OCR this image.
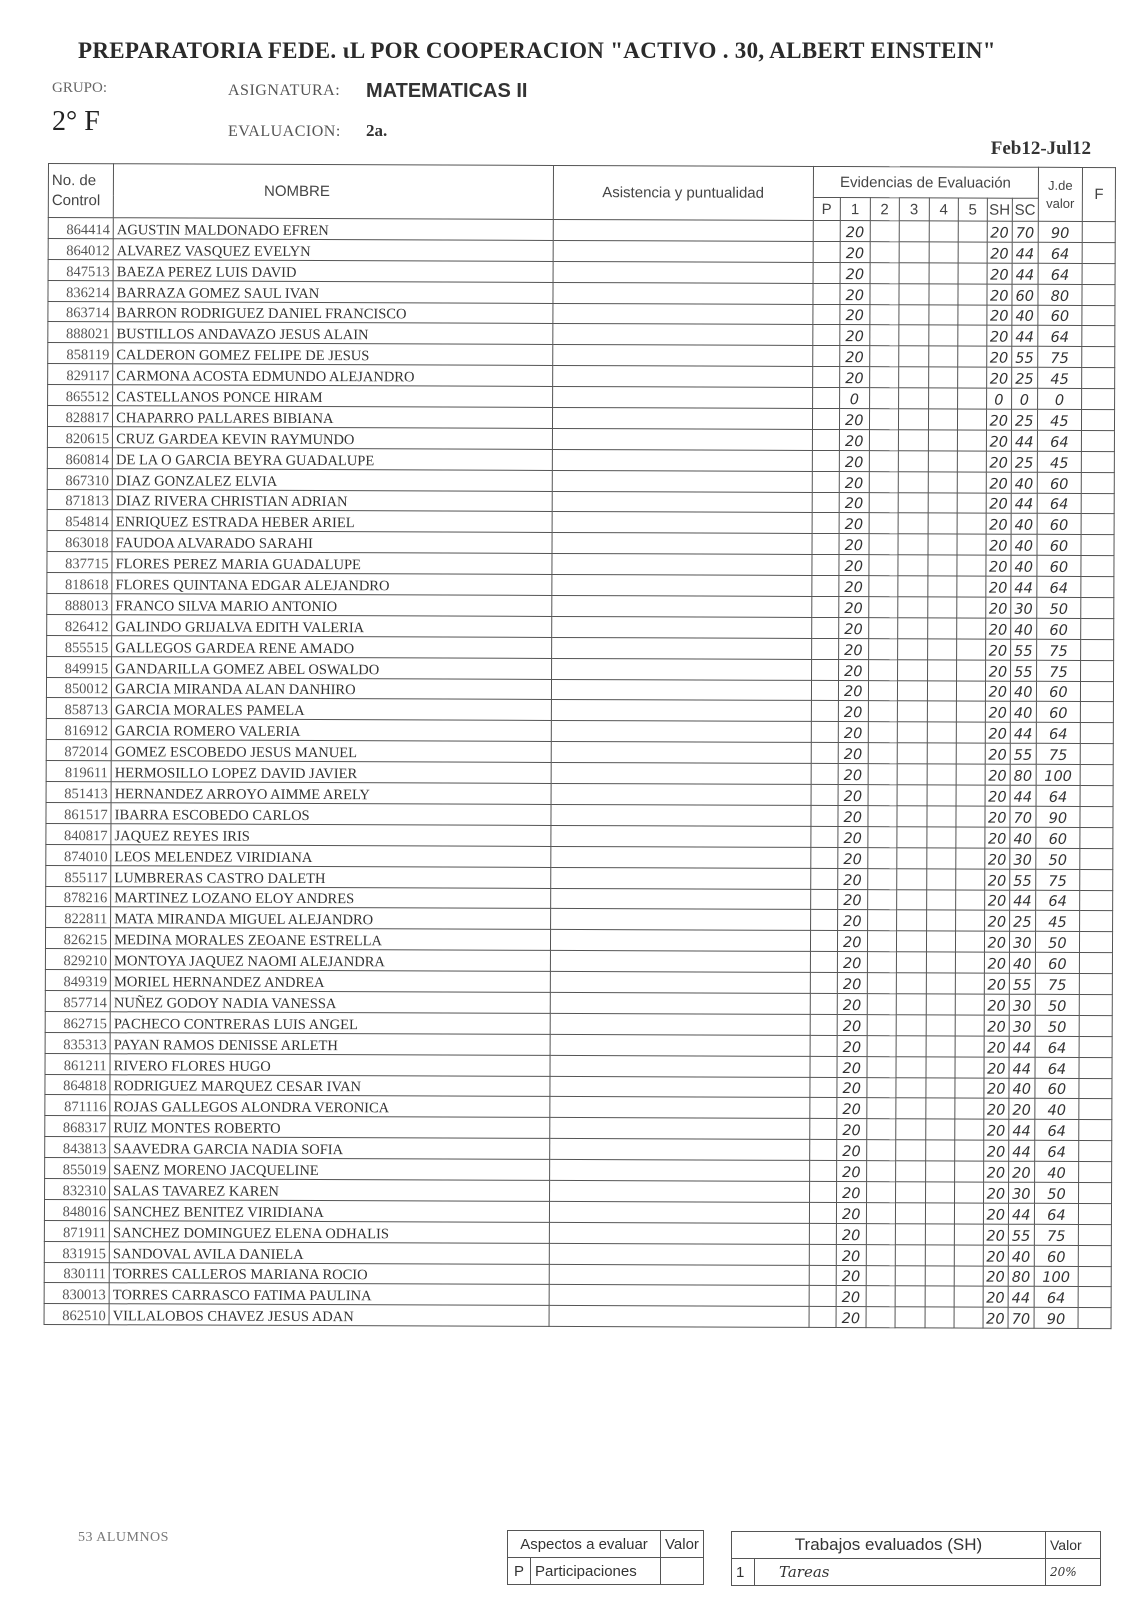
PREPARATORIA FEDE. ιL POR COOPERACION "ACTIVO . 30, ALBERT EINSTEIN"
GRUPO:
2° F
ASIGNATURA: MATEMATICAS II
EVALUACION: 2a.
Feb12-Jul12
No. de Control	NOMBRE	Asistencia y puntualidad	Evidencias de Evaluación								J.de valor	F
			P	1	2	3	4	5	SH	SC		
864414	AGUSTIN MALDONADO EFREN			20					20	70	90	
864012	ALVAREZ VASQUEZ EVELYN			20					20	44	64	
847513	BAEZA PEREZ LUIS DAVID			20					20	44	64	
836214	BARRAZA GOMEZ SAUL IVAN			20					20	60	80	
863714	BARRON RODRIGUEZ DANIEL FRANCISCO			20					20	40	60	
888021	BUSTILLOS ANDAVAZO JESUS ALAIN			20					20	44	64	
858119	CALDERON GOMEZ FELIPE DE JESUS			20					20	55	75	
829117	CARMONA ACOSTA EDMUNDO ALEJANDRO			20					20	25	45	
865512	CASTELLANOS PONCE HIRAM			0					0	0	0	
828817	CHAPARRO PALLARES BIBIANA			20					20	25	45	
820615	CRUZ GARDEA KEVIN RAYMUNDO			20					20	44	64	
860814	DE LA O GARCIA BEYRA GUADALUPE			20					20	25	45	
867310	DIAZ GONZALEZ ELVIA			20					20	40	60	
871813	DIAZ RIVERA CHRISTIAN ADRIAN			20					20	44	64	
854814	ENRIQUEZ ESTRADA HEBER ARIEL			20					20	40	60	
863018	FAUDOA ALVARADO SARAHI			20					20	40	60	
837715	FLORES PEREZ MARIA GUADALUPE			20					20	40	60	
818618	FLORES QUINTANA EDGAR ALEJANDRO			20					20	44	64	
888013	FRANCO SILVA MARIO ANTONIO			20					20	30	50	
826412	GALINDO GRIJALVA EDITH VALERIA			20					20	40	60	
855515	GALLEGOS GARDEA RENE AMADO			20					20	55	75	
849915	GANDARILLA GOMEZ ABEL OSWALDO			20					20	55	75	
850012	GARCIA MIRANDA ALAN DANHIRO			20					20	40	60	
858713	GARCIA MORALES PAMELA			20					20	40	60	
816912	GARCIA ROMERO VALERIA			20					20	44	64	
872014	GOMEZ ESCOBEDO JESUS MANUEL			20					20	55	75	
819611	HERMOSILLO LOPEZ DAVID JAVIER			20					20	80	100	
851413	HERNANDEZ ARROYO AIMME ARELY			20					20	44	64	
861517	IBARRA ESCOBEDO CARLOS			20					20	70	90	
840817	JAQUEZ REYES IRIS			20					20	40	60	
874010	LEOS MELENDEZ VIRIDIANA			20					20	30	50	
855117	LUMBRERAS CASTRO DALETH			20					20	55	75	
878216	MARTINEZ LOZANO ELOY ANDRES			20					20	44	64	
822811	MATA MIRANDA MIGUEL ALEJANDRO			20					20	25	45	
826215	MEDINA MORALES ZEOANE ESTRELLA			20					20	30	50	
829210	MONTOYA JAQUEZ NAOMI ALEJANDRA			20					20	40	60	
849319	MORIEL HERNANDEZ ANDREA			20					20	55	75	
857714	NUÑEZ GODOY NADIA VANESSA			20					20	30	50	
862715	PACHECO CONTRERAS LUIS ANGEL			20					20	30	50	
835313	PAYAN RAMOS DENISSE ARLETH			20					20	44	64	
861211	RIVERO FLORES HUGO			20					20	44	64	
864818	RODRIGUEZ MARQUEZ CESAR IVAN			20					20	40	60	
871116	ROJAS GALLEGOS ALONDRA VERONICA			20					20	20	40	
868317	RUIZ MONTES ROBERTO			20					20	44	64	
843813	SAAVEDRA GARCIA NADIA SOFIA			20					20	44	64	
855019	SAENZ MORENO JACQUELINE			20					20	20	40	
832310	SALAS TAVAREZ KAREN			20					20	30	50	
848016	SANCHEZ BENITEZ VIRIDIANA			20					20	44	64	
871911	SANCHEZ DOMINGUEZ ELENA ODHALIS			20					20	55	75	
831915	SANDOVAL AVILA DANIELA			20					20	40	60	
830111	TORRES CALLEROS MARIANA ROCIO			20					20	80	100	
830013	TORRES CARRASCO FATIMA PAULINA			20					20	44	64	
862510	VILLALOBOS CHAVEZ JESUS ADAN			20					20	70	90	
53 ALUMNOS	Aspectos a evaluar		Valor
P	Participaciones	
Trabajos evaluados (SH)		Valor
1	Tareas	20%
